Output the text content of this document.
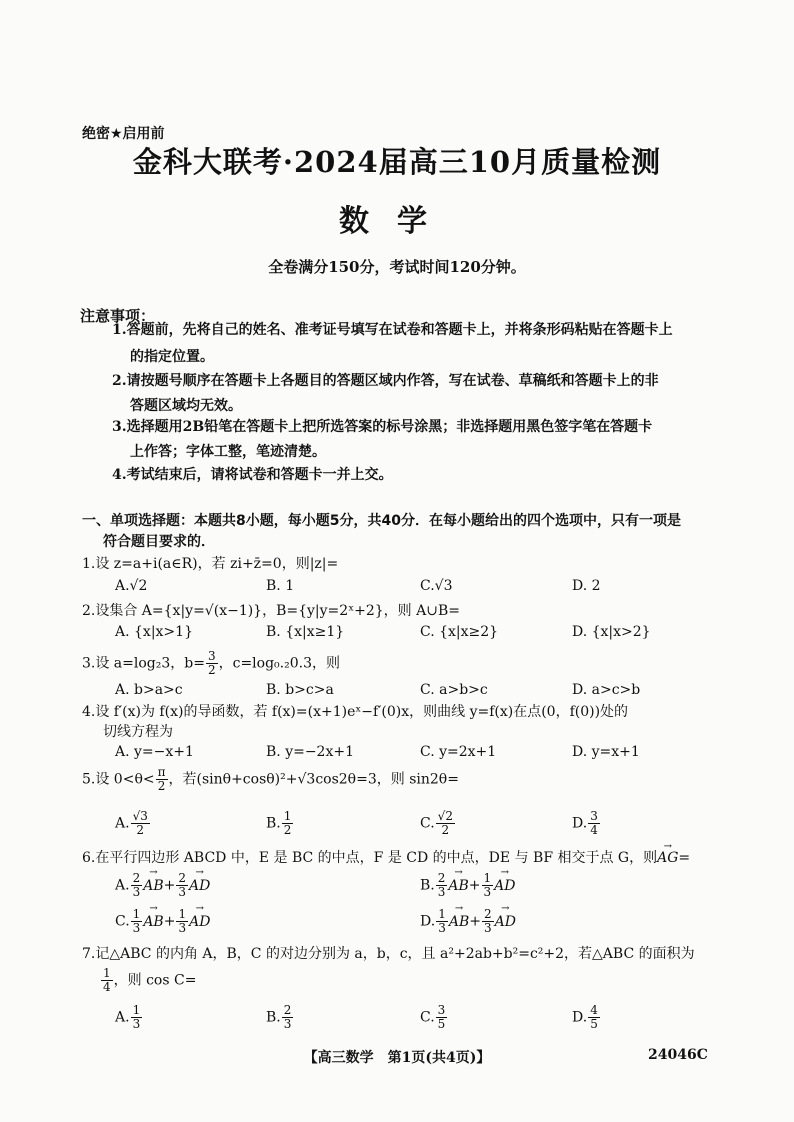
绝密★启用前
金科大联考·2024届高三10月质量检测
数学
全卷满分150分，考试时间120分钟。
注意事项：
1.答题前，先将自己的姓名、准考证号填写在试卷和答题卡上，并将条形码粘贴在答题卡上
的指定位置。
2.请按题号顺序在答题卡上各题目的答题区域内作答，写在试卷、草稿纸和答题卡上的非
答题区域均无效。
3.选择题用2B铅笔在答题卡上把所选答案的标号涂黑；非选择题用黑色签字笔在答题卡
上作答；字体工整，笔迹清楚。
4.考试结束后，请将试卷和答题卡一并上交。
一、单项选择题：本题共8小题，每小题5分，共40分．在每小题给出的四个选项中，只有一项是
符合题目要求的．
1.设 z=a+i(a∈R)，若 zi+z̄=0，则|z|=
A.√2	B. 1	C.√3	D. 2
2.设集合 A={x|y=√(x−1)}，B={y|y=2ˣ+2}，则 A∪B=
A. {x|x>1}	B. {x|x≥1}	C. {x|x≥2}	D. {x|x>2}
3.设 a=log₂3，$b= \frac{3}{2}$ ，c=log₀.₂0.3，则
A. b>a>c	B. b>c>a	C. a>b>c	D. a>c>b
4.设 f′(x)为 f(x)的导函数，若 f(x)=(x+1)eˣ−f′(0)x，则曲线 y=f(x)在点(0，f(0))处的
切线方程为
A. y=−x+1	B. y=−2x+1	C. y=2x+1	D. y=x+1
5.设 $0<\theta< \frac{\pi}{2}$ ，若(sinθ+cosθ)²+√3cos2θ=3，则 sin2θ=
A. $\frac{√3}{2}$	B. $\frac{1}{2}$	C. $\frac{√2}{2}$	D. $\frac{3}{4}$
6.在平行四边形 ABCD 中，E 是 BC 的中点，F 是 CD 的中点，DE 与 BF 相交于点 G，则→ AG=
A. $\frac{2}{3}$
→ $AB+ \frac{2}{3}$
→ AD	B. $\frac{2}{3}$
→ $AB+ \frac{1}{3}$
→ AD
C. $\frac{1}{3}$
→ $AB+ \frac{1}{3}$
→ AD	D. $\frac{1}{3}$
→ $AB+ \frac{2}{3}$
→ AD
7.记△ABC 的内角 A，B，C 的对边分别为 a，b，c，且 a²+2ab+b²=c²+2，若△ABC 的面积为
$\frac{1}{4}$ ，则 cos C=
A. $\frac{1}{3}$	B. $\frac{2}{3}$	C. $\frac{3}{5}$	D. $\frac{4}{5}$
【高三数学　第1页(共4页)】	24046C
